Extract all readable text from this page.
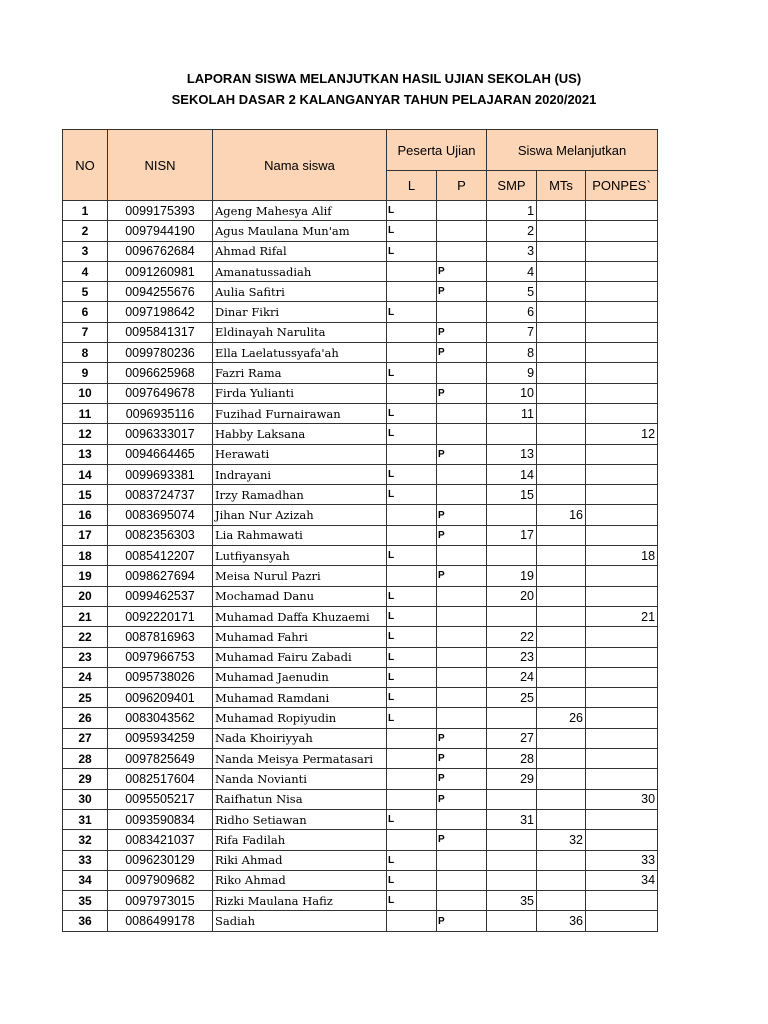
LAPORAN SISWA MELANJUTKAN HASIL UJIAN SEKOLAH (US)
SEKOLAH DASAR 2 KALANGANYAR TAHUN PELAJARAN 2020/2021
NO	NISN	Nama siswa	Peserta Ujian		Siswa Melanjutkan		
			L	P	SMP	MTs	PONPES`
1	0099175393	Ageng Mahesya Alif	L		1		
2	0097944190	Agus Maulana Mun'am	L		2		
3	0096762684	Ahmad Rifal	L		3		
4	0091260981	Amanatussadiah		P	4		
5	0094255676	Aulia Safitri		P	5		
6	0097198642	Dinar Fikri	L		6		
7	0095841317	Eldinayah Narulita		P	7		
8	0099780236	Ella Laelatussyafa'ah		P	8		
9	0096625968	Fazri Rama	L		9		
10	0097649678	Firda Yulianti		P	10		
11	0096935116	Fuzihad Furnairawan	L		11		
12	0096333017	Habby Laksana	L				12
13	0094664465	Herawati		P	13		
14	0099693381	Indrayani	L		14		
15	0083724737	Irzy Ramadhan	L		15		
16	0083695074	Jihan Nur Azizah		P		16	
17	0082356303	Lia Rahmawati		P	17		
18	0085412207	Lutfiyansyah	L				18
19	0098627694	Meisa Nurul Pazri		P	19		
20	0099462537	Mochamad Danu	L		20		
21	0092220171	Muhamad Daffa Khuzaemi	L				21
22	0087816963	Muhamad Fahri	L		22		
23	0097966753	Muhamad Fairu Zabadi	L		23		
24	0095738026	Muhamad Jaenudin	L		24		
25	0096209401	Muhamad Ramdani	L		25		
26	0083043562	Muhamad Ropiyudin	L			26	
27	0095934259	Nada Khoiriyyah		P	27		
28	0097825649	Nanda Meisya Permatasari		P	28		
29	0082517604	Nanda Novianti		P	29		
30	0095505217	Raifhatun Nisa		P			30
31	0093590834	Ridho Setiawan	L		31		
32	0083421037	Rifa Fadilah		P		32	
33	0096230129	Riki Ahmad	L				33
34	0097909682	Riko Ahmad	L				34
35	0097973015	Rizki Maulana Hafiz	L		35		
36	0086499178	Sadiah		P		36	
